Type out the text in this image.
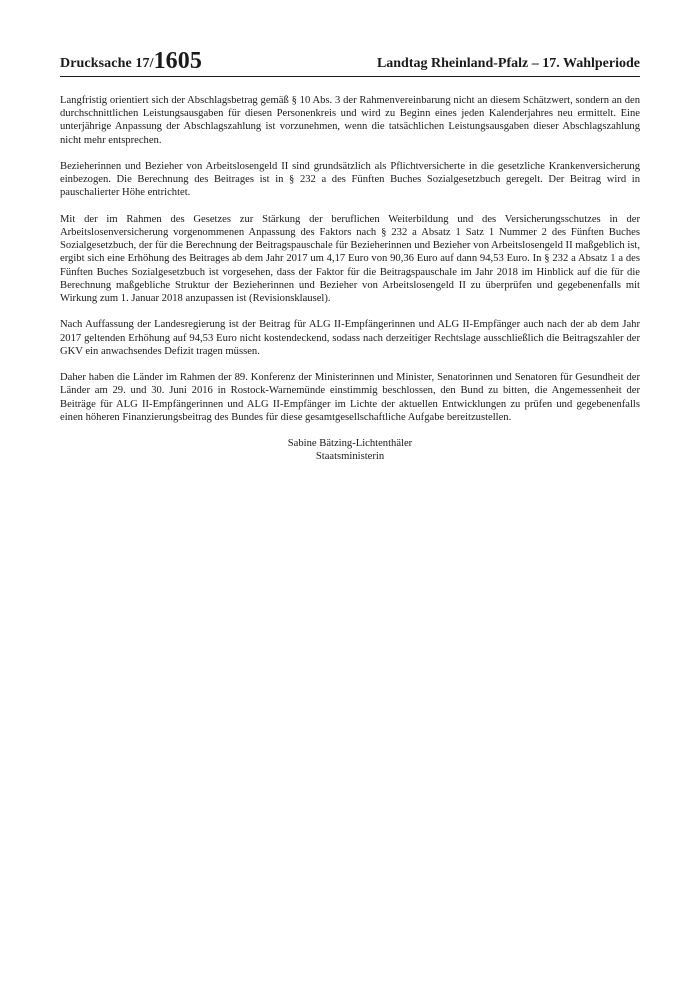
Drucksache 17/ 1605	Landtag Rheinland-Pfalz – 17. Wahlperiode

Langfristig orientiert sich der Abschlagsbetrag gemäß § 10 Abs. 3 der Rahmenvereinbarung nicht an diesem Schätzwert, sondern an den durchschnittlichen Leistungsausgaben für diesen Personenkreis und wird zu Beginn eines jeden Kalenderjahres neu ermittelt. Eine unterjährige Anpassung der Abschlagszahlung ist vorzunehmen, wenn die tatsächlichen Leistungsausgaben dieser Abschlagszahlung nicht mehr entsprechen.

Bezieherinnen und Bezieher von Arbeitslosengeld II sind grundsätzlich als Pflichtversicherte in die gesetzliche Krankenversicherung einbezogen. Die Berechnung des Beitrages ist in § 232 a des Fünften Buches Sozialgesetzbuch geregelt. Der Beitrag wird in pauschalierter Höhe entrichtet.

Mit der im Rahmen des Gesetzes zur Stärkung der beruflichen Weiterbildung und des Versicherungsschutzes in der Arbeitslosenversicherung vorgenommenen Anpassung des Faktors nach § 232 a Absatz 1 Satz 1 Nummer 2 des Fünften Buches Sozialgesetzbuch, der für die Berechnung der Beitragspauschale für Bezieherinnen und Bezieher von Arbeitslosengeld II maßgeblich ist, ergibt sich eine Erhöhung des Beitrages ab dem Jahr 2017 um 4,17 Euro von 90,36 Euro auf dann 94,53 Euro. In § 232 a Absatz 1 a des Fünften Buches Sozialgesetzbuch ist vorgesehen, dass der Faktor für die Beitragspauschale im Jahr 2018 im Hinblick auf die für die Berechnung maßgebliche Struktur der Bezieherinnen und Bezieher von Arbeitslosengeld II zu überprüfen und gegebenenfalls mit Wirkung zum 1. Januar 2018 anzupassen ist (Revisionsklausel).

Nach Auffassung der Landesregierung ist der Beitrag für ALG II-Empfängerinnen und ALG II-Empfänger auch nach der ab dem Jahr 2017 geltenden Erhöhung auf 94,53 Euro nicht kostendeckend, sodass nach derzeitiger Rechtslage ausschließlich die Beitragszahler der GKV ein anwachsendes Defizit tragen müssen.

Daher haben die Länder im Rahmen der 89. Konferenz der Ministerinnen und Minister, Senatorinnen und Senatoren für Gesundheit der Länder am 29. und 30. Juni 2016 in Rostock-Warnemünde einstimmig beschlossen, den Bund zu bitten, die Angemessenheit der Beiträge für ALG II-Empfängerinnen und ALG II-Empfänger im Lichte der aktuellen Entwicklungen zu prüfen und gegebenenfalls einen höheren Finanzierungsbeitrag des Bundes für diese gesamtgesellschaftliche Aufgabe bereitzustellen.

Sabine Bätzing-Lichtenthäler
Staatsministerin
